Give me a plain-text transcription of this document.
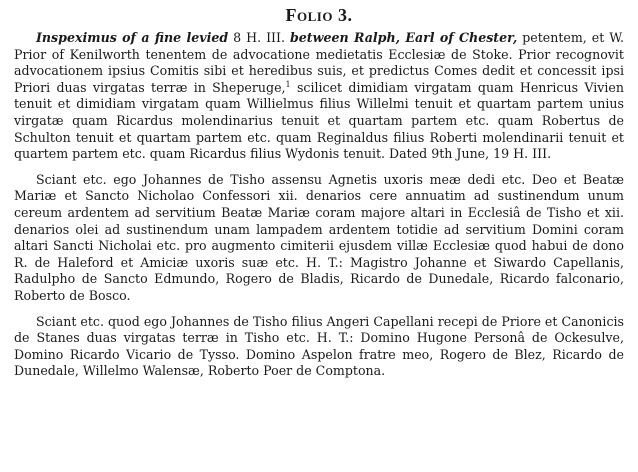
Folio 3.

Inspeximus of a fine levied 8 H. III. between Ralph, Earl of Chester, petentem, et W. Prior of Kenilworth tenentem de advocatione medietatis Ecclesiæ de Stoke. Prior recognovit advocationem ipsius Comitis sibi et heredibus suis, et predictus Comes dedit et concessit ipsi Priori duas virgatas terræ in Sheperuge,$^1$ scilicet dimidiam virgatam quam Henricus Vivien tenuit et dimidiam virgatam quam Willielmus filius Willelmi tenuit et quartam partem unius virgatæ quam Ricardus molendinarius tenuit et quartam partem etc. quam Robertus de Schulton tenuit et quartam partem etc. quam Reginaldus filius Roberti molendinarii tenuit et quartem partem etc. quam Ricardus filius Wydonis tenuit. Dated 9th June, 19 H. III.

Sciant etc. ego Johannes de Tisho assensu Agnetis uxoris meæ dedi etc. Deo et Beatæ Mariæ et Sancto Nicholao Confessori xii. denarios cere annuatim ad sustinendum unum cereum ardentem ad servitium Beatæ Mariæ coram majore altari in Ecclesiâ de Tisho et xii. denarios olei ad sustinendum unam lampadem ardentem totidie ad servitium Domini coram altari Sancti Nicholai etc. pro augmento cimiterii ejusdem villæ Ecclesiæ quod habui de dono R. de Haleford et Amiciæ uxoris suæ etc. H. T.: Magistro Johanne et Siwardo Capellanis, Radulpho de Sancto Edmundo, Rogero de Bladis, Ricardo de Dunedale, Ricardo falconario, Roberto de Bosco.

Sciant etc. quod ego Johannes de Tisho filius Angeri Capellani recepi de Priore et Canonicis de Stanes duas virgatas terræ in Tisho etc. H. T.: Domino Hugone Personâ de Ockesulve, Domino Ricardo Vicario de Tysso. Domino Aspelon fratre meo, Rogero de Blez, Ricardo de Dunedale, Willelmo Walensæ, Roberto Poer de Comptona.
